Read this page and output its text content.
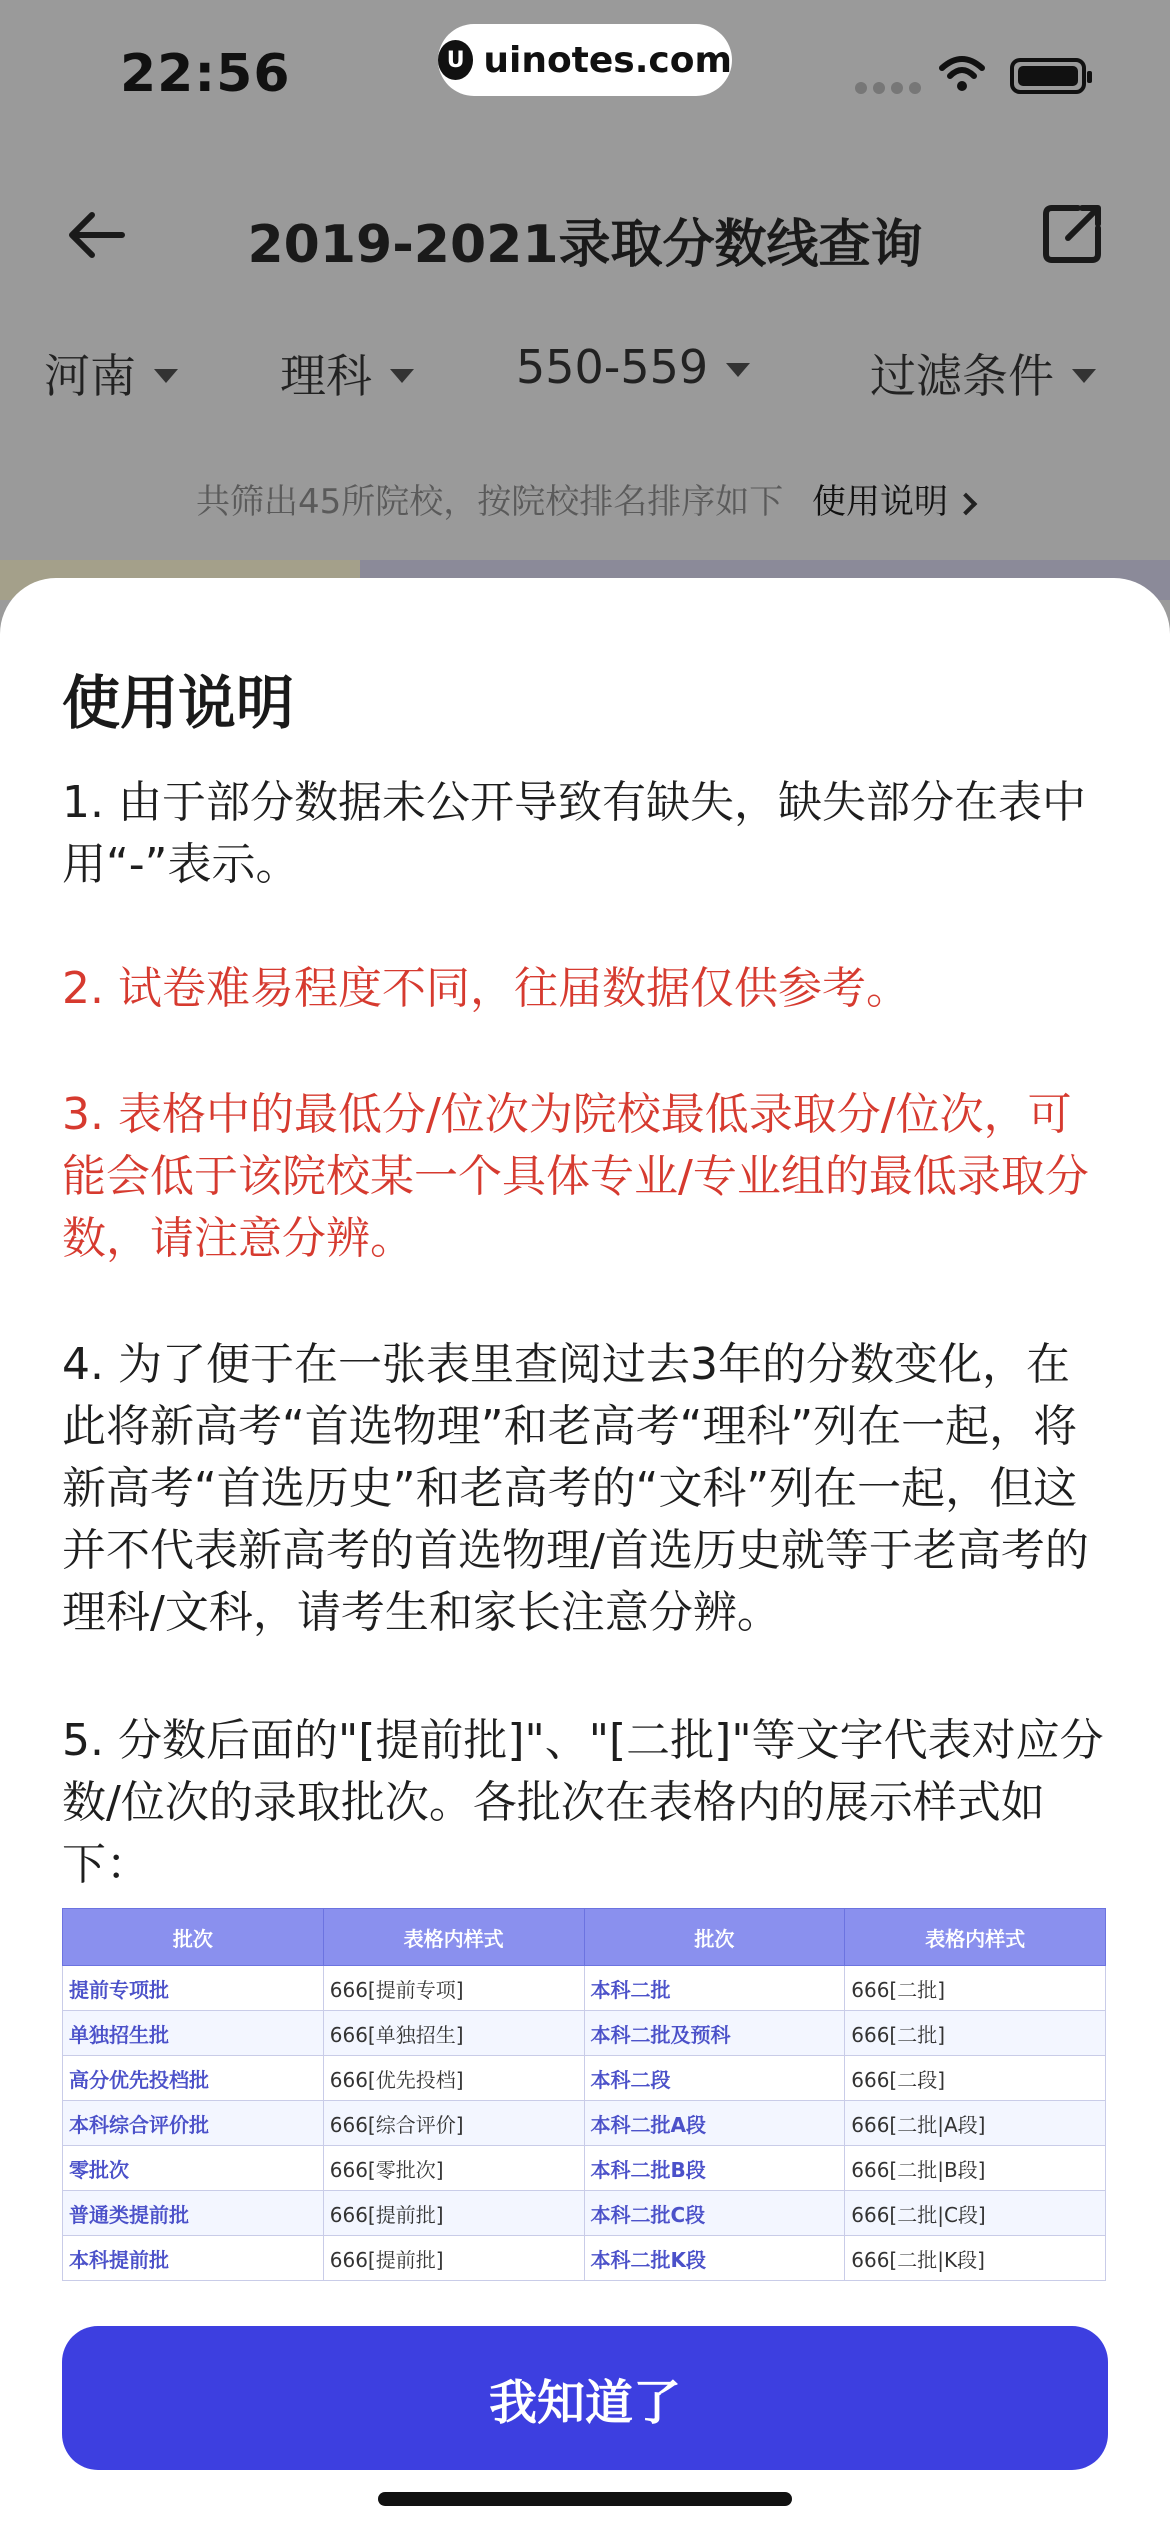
22:56	U uinotes.com
2019-2021录取分数线查询
河南	理科	550-559	过滤条件
共筛出45所院校，按院校排名排序如下 使用说明
使用说明
1. 由于部分数据未公开导致有缺失，缺失部分在表中用“-”表示。
2. 试卷难易程度不同，往届数据仅供参考。
3. 表格中的最低分/位次为院校最低录取分/位次，可能会低于该院校某一个具体专业/专业组的最低录取分数，请注意分辨。
4. 为了便于在一张表里查阅过去3年的分数变化，在此将新高考“首选物理”和老高考“理科”列在一起，将新高考“首选历史”和老高考的“文科”列在一起，但这并不代表新高考的首选物理/首选历史就等于老高考的理科/文科，请考生和家长注意分辨。
5. 分数后面的"[提前批]"、"[二批]"等文字代表对应分数/位次的录取批次。各批次在表格内的展示样式如下：
批次	表格内样式	批次	表格内样式
提前专项批	666[提前专项]	本科二批	666[二批]
单独招生批	666[单独招生]	本科二批及预科	666[二批]
高分优先投档批	666[优先投档]	本科二段	666[二段]
本科综合评价批	666[综合评价]	本科二批A段	666[二批|A段]
零批次	666[零批次]	本科二批B段	666[二批|B段]
普通类提前批	666[提前批]	本科二批C段	666[二批|C段]
本科提前批	666[提前批]	本科二批K段	666[二批|K段]
我知道了
